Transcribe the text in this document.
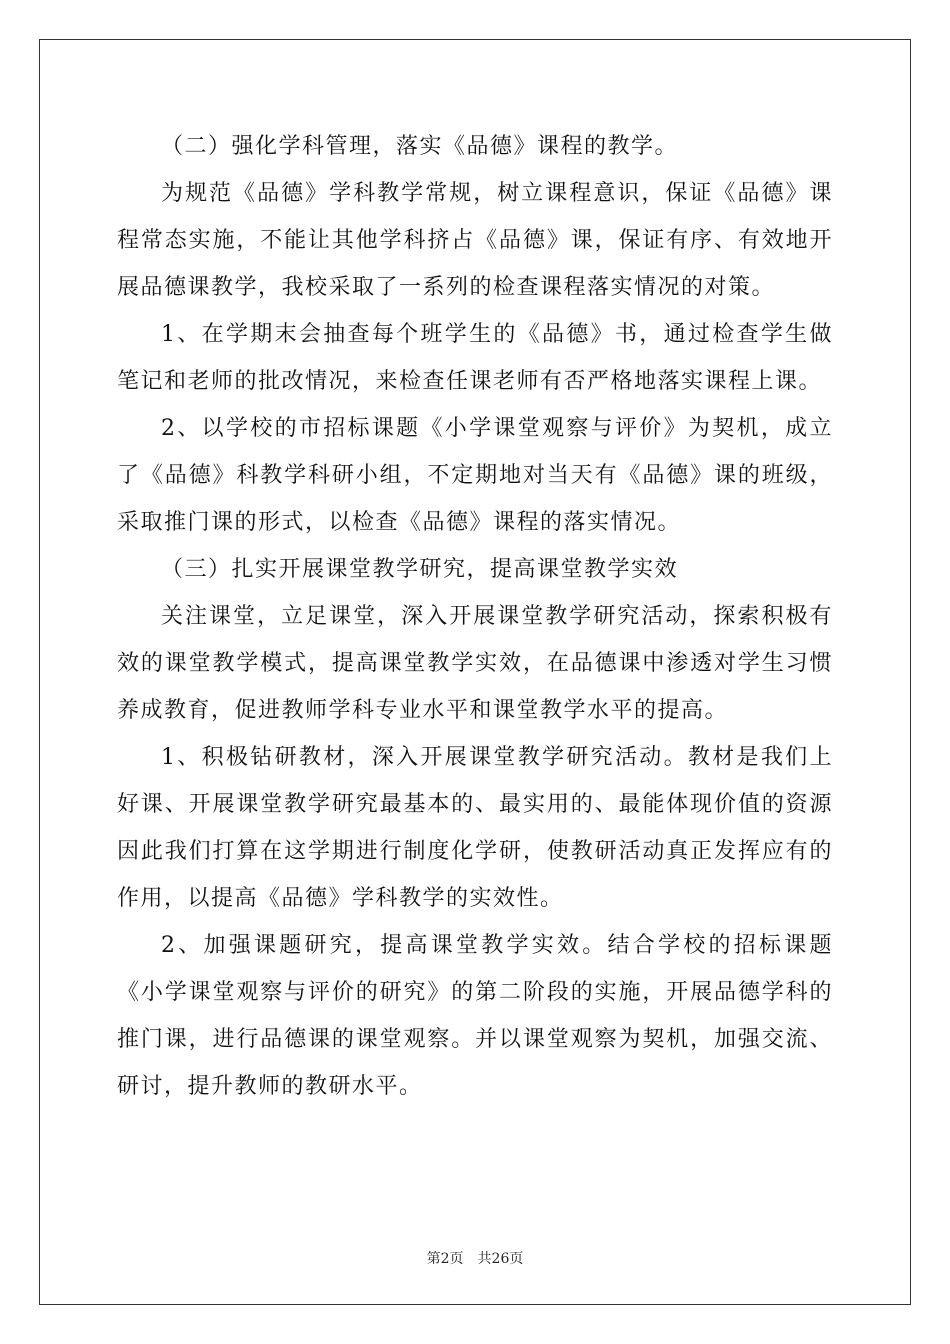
（二）强化学科管理，落实《品德》课程的教学。

为规范《品德》学科教学常规，树立课程意识，保证《品德》课程常态实施，不能让其他学科挤占《品德》课，保证有序、有效地开展品德课教学，我校采取了一系列的检查课程落实情况的对策。

1、在学期末会抽查每个班学生的《品德》书，通过检查学生做笔记和老师的批改情况，来检查任课老师有否严格地落实课程上课。

2、以学校的市招标课题《小学课堂观察与评价》为契机，成立了《品德》科教学科研小组，不定期地对当天有《品德》课的班级，采取推门课的形式，以检查《品德》课程的落实情况。

（三）扎实开展课堂教学研究，提高课堂教学实效

关注课堂，立足课堂，深入开展课堂教学研究活动，探索积极有效的课堂教学模式，提高课堂教学实效，在品德课中渗透对学生习惯养成教育，促进教师学科专业水平和课堂教学水平的提高。

1、积极钻研教材，深入开展课堂教学研究活动。教材是我们上好课、开展课堂教学研究最基本的、最实用的、最能体现价值的资源因此我们打算在这学期进行制度化学研，使教研活动真正发挥应有的作用，以提高《品德》学科教学的实效性。

2、加强课题研究，提高课堂教学实效。结合学校的招标课题《小学课堂观察与评价的研究》的第二阶段的实施，开展品德学科的推门课，进行品德课的课堂观察。并以课堂观察为契机，加强交流、研讨，提升教师的教研水平。

第2页　共26页
